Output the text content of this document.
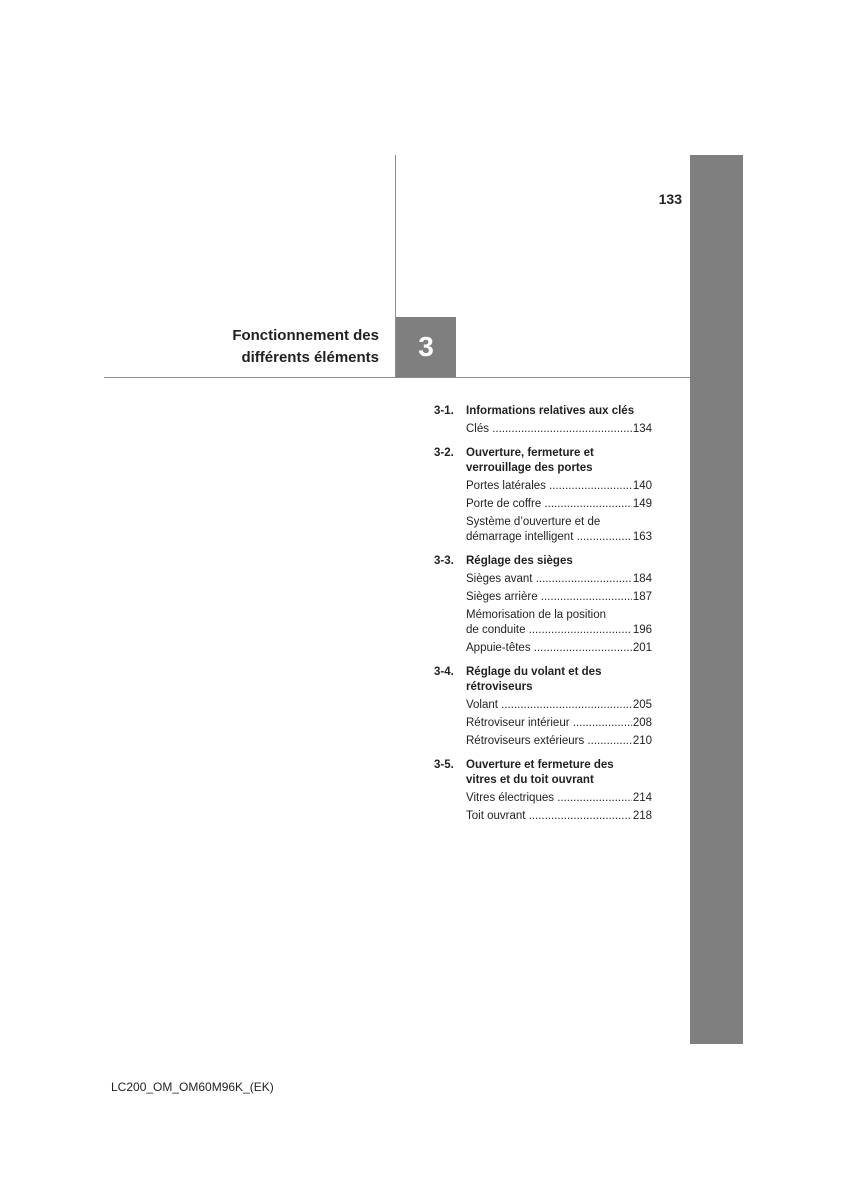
133
Fonctionnement des
différents éléments	3
3-1.	Informations relatives aux clés
Clés .....	134
3-2.	Ouverture, fermeture et
verrouillage des portes
Portes latérales .....	140
Porte de coffre .....	149
Système d’ouverture et de
démarrage intelligent .....	163
3-3.	Réglage des sièges
Sièges avant .....	184
Sièges arrière .....	187
Mémorisation de la position
de conduite .....	196
Appuie-têtes .....	201
3-4.	Réglage du volant et des
rétroviseurs
Volant .....	205
Rétroviseur intérieur .....	208
Rétroviseurs extérieurs .....	210
3-5.	Ouverture et fermeture des
vitres et du toit ouvrant
Vitres électriques .....	214
Toit ouvrant .....	218
LC200_OM_OM60M96K_(EK)
